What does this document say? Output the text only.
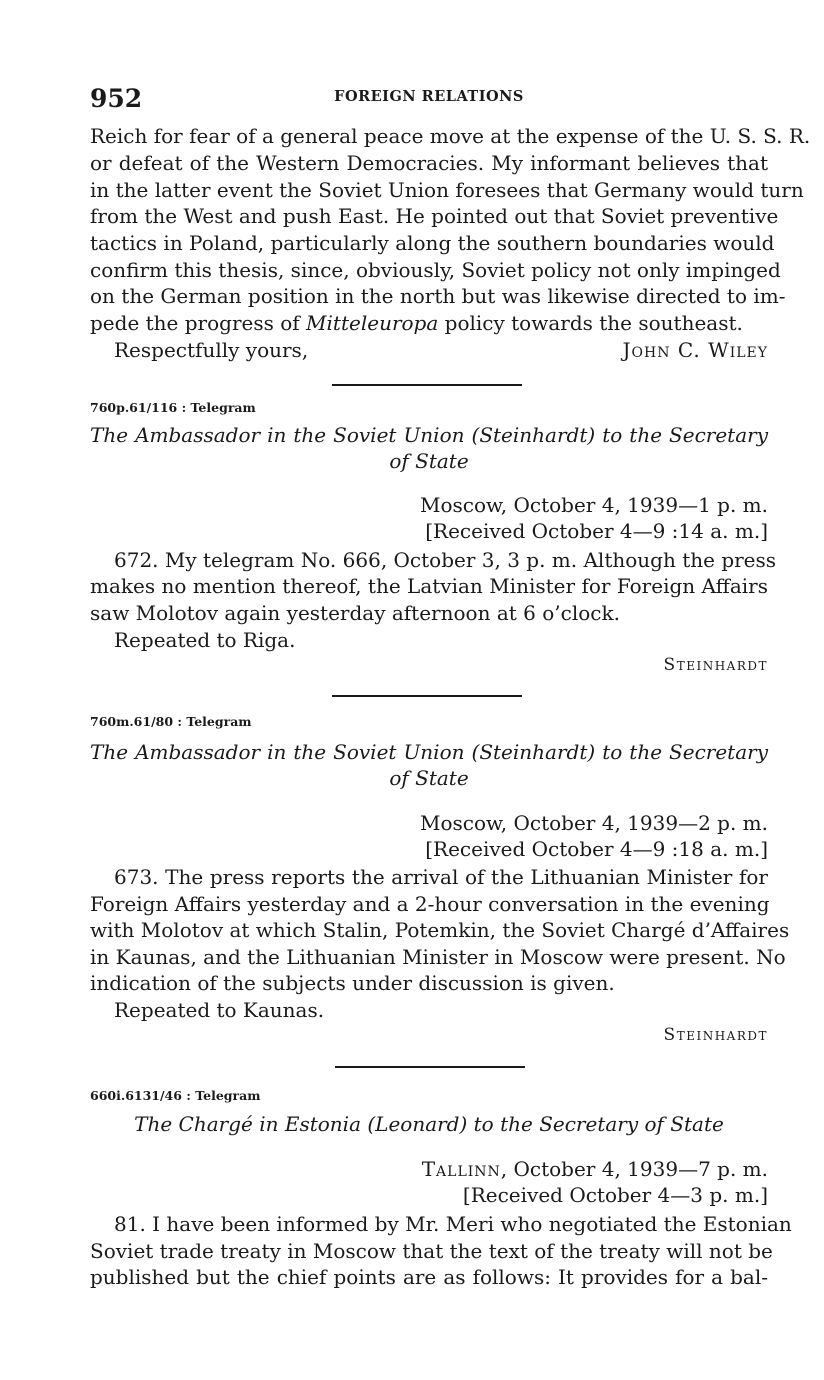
952	FOREIGN RELATIONS
Reich for fear of a general peace move at the expense of the U. S. S. R.
or defeat of the Western Democracies. My informant believes that
in the latter event the Soviet Union foresees that Germany would turn
from the West and push East. He pointed out that Soviet preventive
tactics in Poland, particularly along the southern boundaries would
confirm this thesis, since, obviously, Soviet policy not only impinged
on the German position in the north but was likewise directed to im-
pede the progress of Mitteleuropa policy towards the southeast.
Respectfully yours,	John C. Wiley
760p.61/116 : Telegram
The Ambassador in the Soviet Union (Steinhardt) to the Secretary
of State
Moscow, October 4, 1939—1 p. m.
[Received October 4—9 :14 a. m.]
672. My telegram No. 666, October 3, 3 p. m. Although the press
makes no mention thereof, the Latvian Minister for Foreign Affairs
saw Molotov again yesterday afternoon at 6 o’clock.
Repeated to Riga.
Steinhardt
760m.61/80 : Telegram
The Ambassador in the Soviet Union (Steinhardt) to the Secretary
of State
Moscow, October 4, 1939—2 p. m.
[Received October 4—9 :18 a. m.]
673. The press reports the arrival of the Lithuanian Minister for
Foreign Affairs yesterday and a 2-hour conversation in the evening
with Molotov at which Stalin, Potemkin, the Soviet Chargé d’Affaires
in Kaunas, and the Lithuanian Minister in Moscow were present. No
indication of the subjects under discussion is given.
Repeated to Kaunas.
Steinhardt
660i.6131/46 : Telegram
The Chargé in Estonia (Leonard) to the Secretary of State
Tallinn, October 4, 1939—7 p. m.
[Received October 4—3 p. m.]
81. I have been informed by Mr. Meri who negotiated the Estonian
Soviet trade treaty in Moscow that the text of the treaty will not be
published but the chief points are as follows: It provides for a bal-
